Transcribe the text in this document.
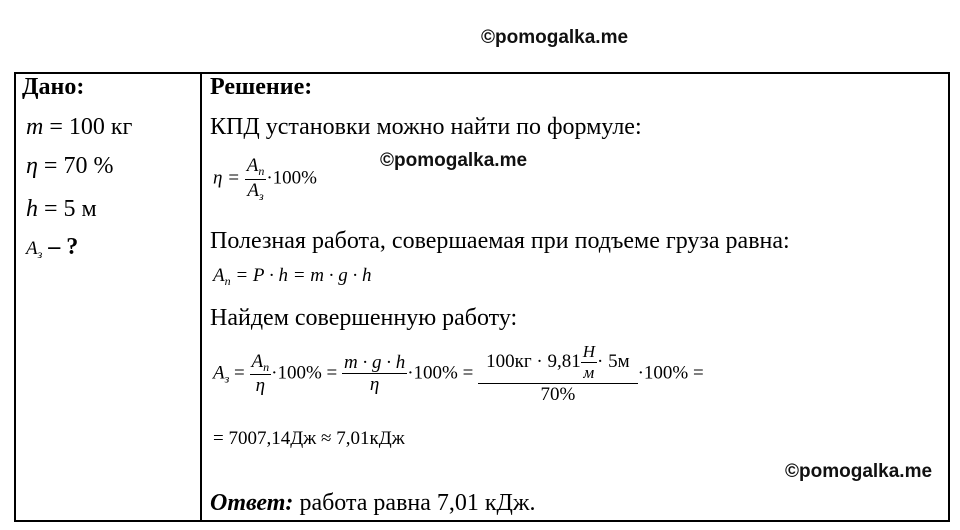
©pomogalka.me
Дано:
m = 100 кг
η = 70 %
h = 5 м
$A_з$ – ?
Решение:
КПД установки можно найти по формуле:
©pomogalka.me
$\eta = \frac{A_п}{A_з} \cdot 100\%$
Полезная работа, совершаемая при подъеме груза равна:
$A_п = P \cdot h = m \cdot g \cdot h$
Найдем совершенную работу:
$A_з = \frac{A_п}{\eta} \cdot 100\% = \frac{m \cdot g \cdot h}{\eta} \cdot 100\% = \frac{100кг \cdot 9,81 \frac{Н}{м} \cdot 5м}{70\%} \cdot 100\%$ =
= 7007,14Дж ≈ 7,01кДж
©pomogalka.me
Ответ: работа равна 7,01 кДж.
